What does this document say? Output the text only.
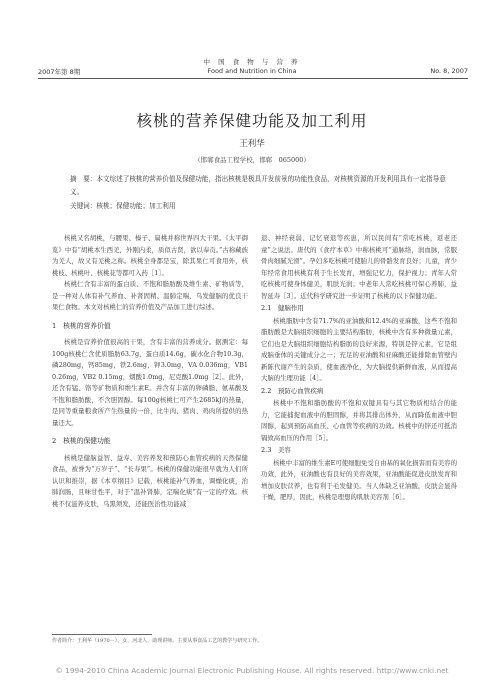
2007年第 8期
中 国 食 物 与 营 养
Food and Nutrition in China	No. 8, 2007
核桃的营养保健功能及加工利用
王利华
（邯郸食品工程学校，邯郸　065000）
摘　要：本文综述了核桃的营养价值及保健功能，指出核桃是极具开发前景的功能性食品，对核桃资源的开发利用具有一定指导意义。
关键词：核桃；保健功能；加工利用

核桃又名胡桃，与腰果、榛子、扁桃并称世界四大干果。《太平御览》中有“胡桃本生西羌，外刚内柔，质似古贤，欲以奉贡。”古称藏族为羌人，故又有羌桃之称。核桃全身都是宝，除其果仁可食用外，核桃枝、核桃叶、核桃花等都可入药［1］。

核桃仁含有丰富的蛋白质、不饱和脂肪酸及维生素、矿物质等，是一种对人体有补气养血、补肾固精、温肺定喘、乌发健脑的优良干果仁食物。本文对核桃仁的营养价值及产品加工进行综述。

1　核桃的营养价值

核桃是营养价值很高的干果，含有丰富的营养成分。据测定：每100g核桃仁含优质脂肪63.7g，蛋白质14.6g，碳水化合物10.3g，磷280mg，钙85mg，铁2.6mg，钾3.0mg，VA 0.036mg，VB1 0.26mg，VB2 0.15mg，烟酸1.0mg，尼克酸1.0mg［2］。此外，还含有锰、铬等矿物质和维生素E。并含有丰富的卵磷脂、氨基酸及不饱和脂肪酸，不含胆固醇。每100g核桃仁可产生2685kJ的热量，是同等重量粮食所产生热量的一倍，比牛肉、猪肉、鸡肉所提供的热量还大。

2　核桃的保健功能

核桃是健脑益智、益寿、美容养发和预防心血管疾病的天然保健食品，被誉为“万岁子”、“长寿果”。核桃的保健功能很早就为人们所认识和推崇，据《本草纲目》记载，核桃能补气养血，调燥化痰，治肺润肠，且味甘性平，对于“温补肾肺，定喘化痰”有一定的疗效。核桃不仅滋养皮肤，乌黑须发，还能医治性功能减

退、神经衰弱、记忆衰退等疾患，所以民间有“常吃核桃，返老还童”之说法。唐代的《食疗本草》中称核桃可“通脉络，润血脉，常服骨肉细腻光滑”。孕妇多吃核桃可使胎儿的骨骼发育良好；儿童，青少年经常食用核桃有利于生长发育，增强记忆力，保护视力；青年人常吃核桃可使身体健美，肌肤光润；中老年人常吃核桃可保心养肺，益智延寿［3］。近代科学研究进一步证明了核桃的以下保健功能。

2.1　健脑作用

核桃脂肪中含有71.7%的亚油酸和12.4%的亚麻酸，这些不饱和脂肪酸是大脑组织细胞的主要结构脂肪，核桃中含有多种微量元素，它们也是大脑组织细胞结构脂肪的良好来源，特别是锌元素，它是组成脑垂体的关键成分之一；充足的亚油酸和亚麻酸还能排除血管壁内新陈代谢产生的杂质，使血液净化，为大脑提供新鲜血液，从而提高大脑的生理功能［4］。

2.2　预防心血管疾病

核桃中不饱和脂肪酸的不饱和双键具有与其它物质相结合的能力，它能捕捉血液中的胆固醇，并将其排出体外，从而降低血液中胆固醇，起到预防高血压、心血管等疾病的功效。核桃中的锌还可抵消镉致高血压的作用［5］。

2.3　美容

核桃中丰富的维生素E可使细胞免受自由基的氧化损害而有美容的功效，此外，亚油酸也有良好的美容效果，亚油酸能促进皮肤发育和增加皮肤营养，也有利于毛发健美。当人体缺乏亚油酸，皮肤会显得干燥，肥厚，因此，核桃是理想的肌肤美容剂［6］。

作者简介：王利华（1970－），女，河北人，助理讲师。主要从事食品工艺的教学与研究工作。
© 1994-2010 China Academic Journal Electronic Publishing House. All rights reserved. http://www.cnki.net
